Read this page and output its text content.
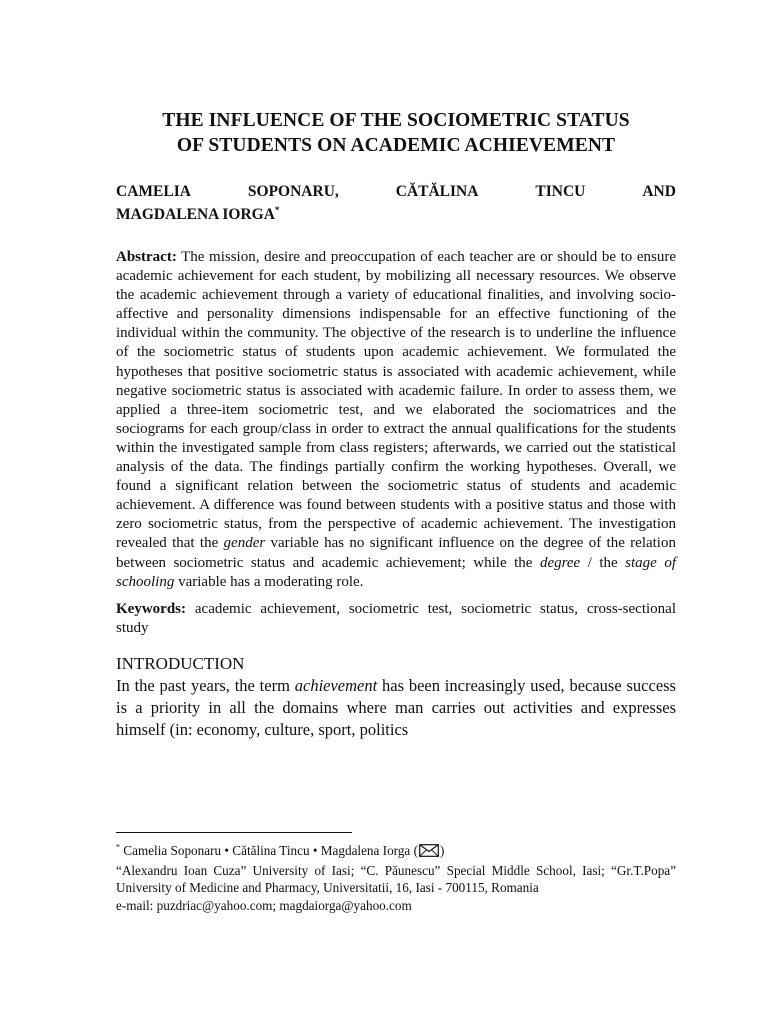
THE INFLUENCE OF THE SOCIOMETRIC STATUS
OF STUDENTS ON ACADEMIC ACHIEVEMENT
CAMELIA	SOPONARU,	CĂTĂLINA	TINCU	AND
MAGDALENA IORGA*
Abstract: The mission, desire and preoccupation of each teacher are or should be to ensure academic achievement for each student, by mobilizing all necessary resources. We observe the academic achievement through a variety of educational finalities, and involving socio-affective and personality dimensions indispensable for an effective functioning of the individual within the community. The objective of the research is to underline the influence of the sociometric status of students upon academic achievement. We formulated the hypotheses that positive sociometric status is associated with academic achievement, while negative sociometric status is associated with academic failure. In order to assess them, we applied a three-item sociometric test, and we elaborated the sociomatrices and the sociograms for each group/class in order to extract the annual qualifications for the students within the investigated sample from class registers; afterwards, we carried out the statistical analysis of the data. The findings partially confirm the working hypotheses. Overall, we found a significant relation between the sociometric status of students and academic achievement. A difference was found between students with a positive status and those with zero sociometric status, from the perspective of academic achievement. The investigation revealed that the gender variable has no significant influence on the degree of the relation between sociometric status and academic achievement; while the degree / the stage of schooling variable has a moderating role.
Keywords: academic achievement, sociometric test, sociometric status, cross-sectional study
INTRODUCTION
In the past years, the term achievement has been increasingly used, because success is a priority in all the domains where man carries out activities and expresses himself (in: economy, culture, sport, politics
* Camelia Soponaru • Cătălina Tincu • Magdalena Iorga ( )
“Alexandru Ioan Cuza” University of Iasi; “C. Păunescu” Special Middle School, Iasi; “Gr.T.Popa” University of Medicine and Pharmacy, Universitatii, 16, Iasi - 700115, Romania
e-mail: puzdriac@yahoo.com; magdaiorga@yahoo.com
